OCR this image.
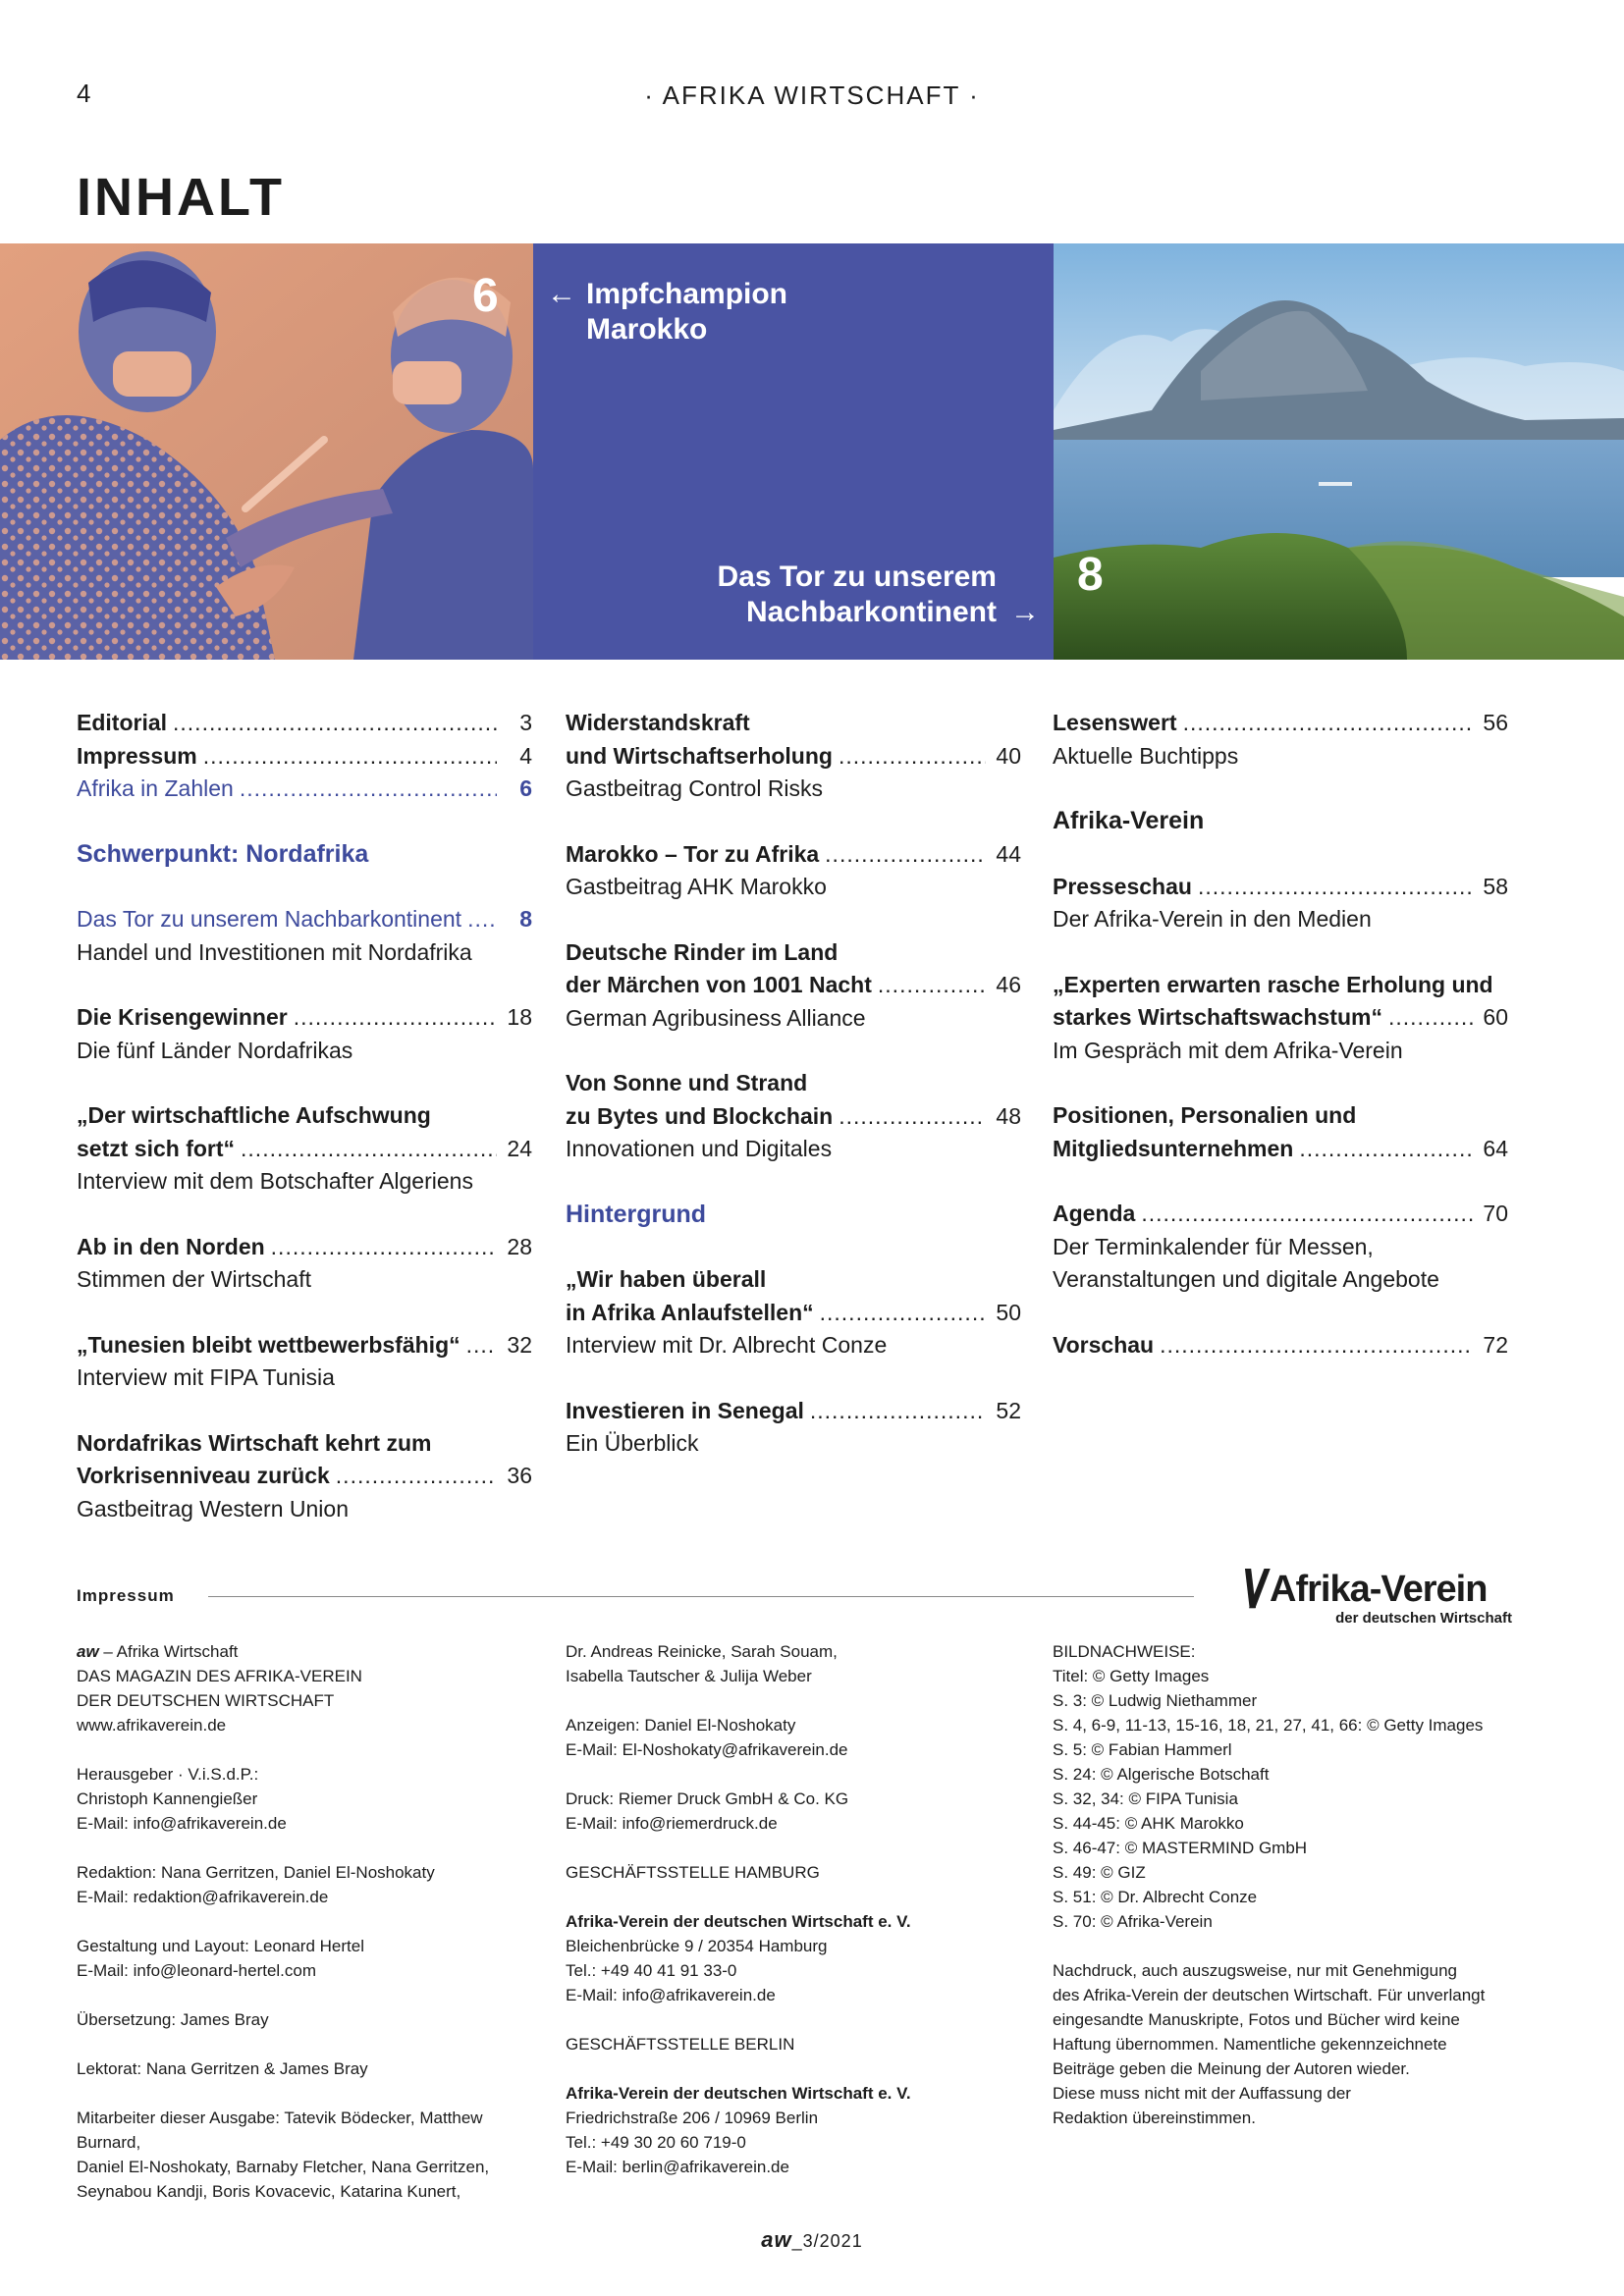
4	· AFRIKA WIRTSCHAFT ·
INHALT
6 ← Impfchampion
Marokko
Das Tor zu unserem
Nachbarkontinent →
8
Editorial .....	3
Impressum .....	4
Afrika in Zahlen .....	6
Schwerpunkt: Nordafrika
Das Tor zu unserem Nachbarkontinent .....	8
Handel und Investitionen mit Nordafrika
Die Krisengewinner .....	18
Die fünf Länder Nordafrikas
„Der wirtschaftliche Aufschwung
setzt sich fort“ .....	24
Interview mit dem Botschafter Algeriens
Ab in den Norden .....	28
Stimmen der Wirtschaft
„Tunesien bleibt wettbewerbsfähig“ ..... 32
Interview mit FIPA Tunisia
Nordafrikas Wirtschaft kehrt zum
Vorkrisenniveau zurück .....	36
Gastbeitrag Western Union
Widerstandskraft
und Wirtschaftserholung .....	40
Gastbeitrag Control Risks
Marokko – Tor zu Afrika .....	44
Gastbeitrag AHK Marokko
Deutsche Rinder im Land
der Märchen von 1001 Nacht .....	46
German Agribusiness Alliance
Von Sonne und Strand
zu Bytes und Blockchain .....	48
Innovationen und Digitales
Hintergrund
„Wir haben überall
in Afrika Anlaufstellen“ .....	50
Interview mit Dr. Albrecht Conze
Investieren in Senegal .....	52
Ein Überblick
Lesenswert .....	56
Aktuelle Buchtipps
Afrika-Verein
Presseschau .....	58
Der Afrika-Verein in den Medien
„Experten erwarten rasche Erholung und
starkes Wirtschaftswachstum“ .....	60
Im Gespräch mit dem Afrika-Verein
Positionen, Personalien und
Mitgliedsunternehmen .....	64
Agenda .....	70
Der Terminkalender für Messen,
Veranstaltungen und digitale Angebote
Vorschau .....	72
Impressum	\/ Afrika-Verein
der deutschen Wirtschaft

aw – Afrika Wirtschaft
DAS MAGAZIN DES AFRIKA-VEREIN
DER DEUTSCHEN WIRTSCHAFT
www.afrikaverein.de

Herausgeber · V.i.S.d.P.:
Christoph Kannengießer
E-Mail: info@afrikaverein.de

Redaktion: Nana Gerritzen, Daniel El-Noshokaty
E-Mail: redaktion@afrikaverein.de

Gestaltung und Layout: Leonard Hertel
E-Mail: info@leonard-hertel.com

Übersetzung: James Bray

Lektorat: Nana Gerritzen & James Bray

Mitarbeiter dieser Ausgabe: Tatevik Bödecker, Matthew Burnard,
Daniel El-Noshokaty, Barnaby Fletcher, Nana Gerritzen,
Seynabou Kandji, Boris Kovacevic, Katarina Kunert,

Dr. Andreas Reinicke, Sarah Souam,
Isabella Tautscher & Julija Weber

Anzeigen: Daniel El-Noshokaty
E-Mail: El-Noshokaty@afrikaverein.de

Druck: Riemer Druck GmbH & Co. KG
E-Mail: info@riemerdruck.de

GESCHÄFTSSTELLE HAMBURG

Afrika-Verein der deutschen Wirtschaft e. V.
Bleichenbrücke 9 / 20354 Hamburg
Tel.: +49 40 41 91 33-0
E-Mail: info@afrikaverein.de

GESCHÄFTSSTELLE BERLIN

Afrika-Verein der deutschen Wirtschaft e. V.
Friedrichstraße 206 / 10969 Berlin
Tel.: +49 30 20 60 719-0
E-Mail: berlin@afrikaverein.de

BILDNACHWEISE:
Titel: © Getty Images
S. 3: © Ludwig Niethammer
S. 4, 6-9, 11-13, 15-16, 18, 21, 27, 41, 66: © Getty Images
S. 5: © Fabian Hammerl
S. 24: © Algerische Botschaft
S. 32, 34: © FIPA Tunisia
S. 44-45: © AHK Marokko
S. 46-47: © MASTERMIND GmbH
S. 49: © GIZ
S. 51: © Dr. Albrecht Conze
S. 70: © Afrika-Verein

Nachdruck, auch auszugsweise, nur mit Genehmigung
des Afrika-Verein der deutschen Wirtschaft. Für unverlangt
eingesandte Manuskripte, Fotos und Bücher wird keine
Haftung übernommen. Namentliche gekennzeichnete
Beiträge geben die Meinung der Autoren wieder.
Diese muss nicht mit der Auffassung der
Redaktion übereinstimmen.

aw_3/2021
